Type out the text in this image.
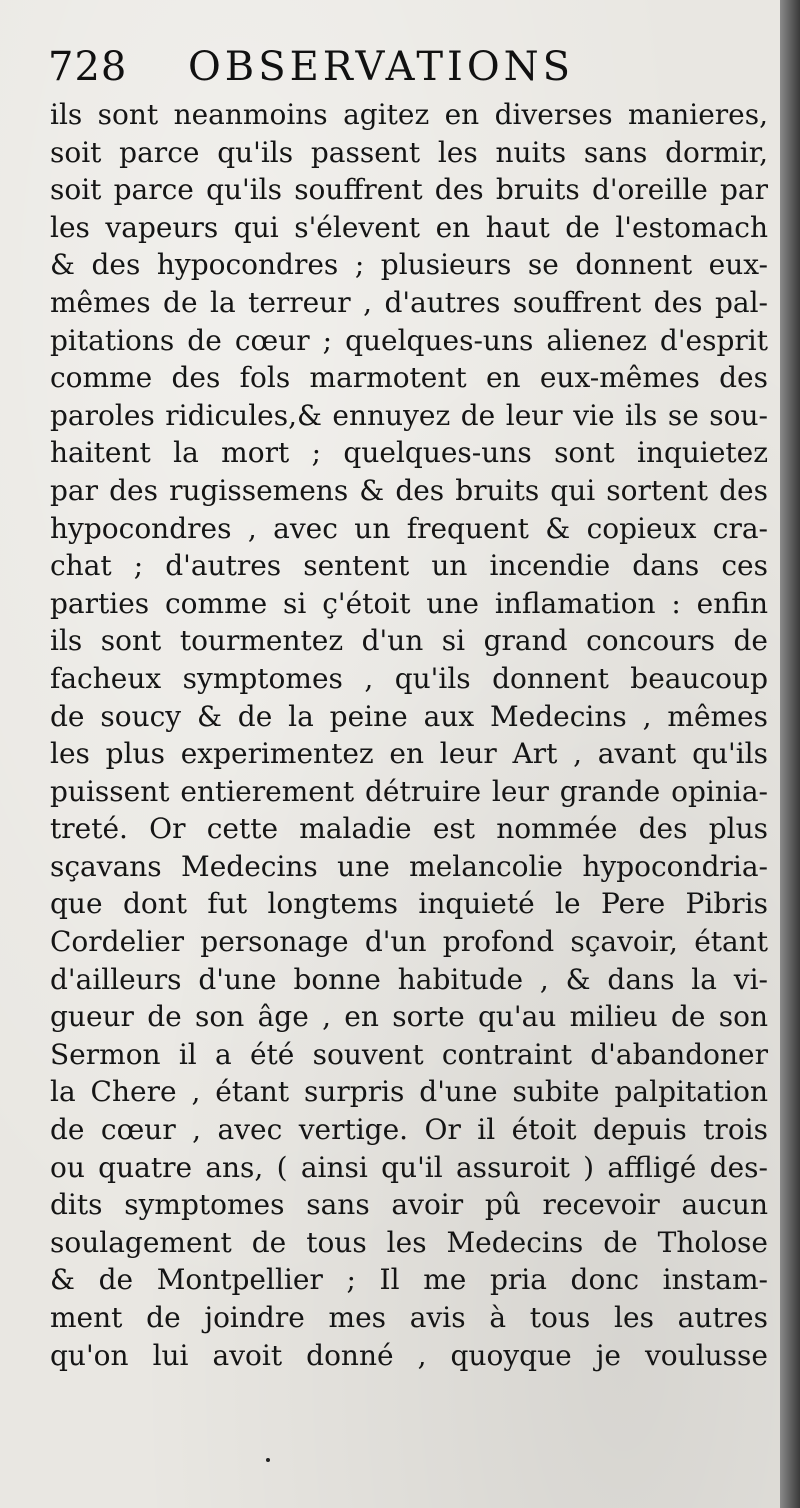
728 OBSERVATIONS
ils sont neanmoins agitez en diverses manieres,
soit parce qu'ils passent les nuits sans dormir,
soit parce qu'ils souffrent des bruits d'oreille par
les vapeurs qui s'élevent en haut de l'estomach
& des hypocondres ; plusieurs se donnent eux-
mêmes de la terreur , d'autres souffrent des pal-
pitations de cœur ; quelques-uns alienez d'esprit
comme des fols marmotent en eux-mêmes des
paroles ridicules,& ennuyez de leur vie ils se sou-
haitent la mort ; quelques-uns sont inquietez
par des rugissemens & des bruits qui sortent des
hypocondres , avec un frequent & copieux cra-
chat ; d'autres sentent un incendie dans ces
parties comme si ç'étoit une inflamation : enfin
ils sont tourmentez d'un si grand concours de
facheux symptomes , qu'ils donnent beaucoup
de soucy & de la peine aux Medecins , mêmes
les plus experimentez en leur Art , avant qu'ils
puissent entierement détruire leur grande opinia-
treté. Or cette maladie est nommée des plus
sçavans Medecins une melancolie hypocondria-
que dont fut longtems inquieté le Pere Pibris
Cordelier personage d'un profond sçavoir, étant
d'ailleurs d'une bonne habitude , & dans la vi-
gueur de son âge , en sorte qu'au milieu de son
Sermon il a été souvent contraint d'abandoner
la Chere , étant surpris d'une subite palpitation
de cœur , avec vertige. Or il étoit depuis trois
ou quatre ans, ( ainsi qu'il assuroit ) affligé des-
dits symptomes sans avoir pû recevoir aucun
soulagement de tous les Medecins de Tholose
& de Montpellier ; Il me pria donc instam-
ment de joindre mes avis à tous les autres
qu'on lui avoit donné , quoyque je voulusse
